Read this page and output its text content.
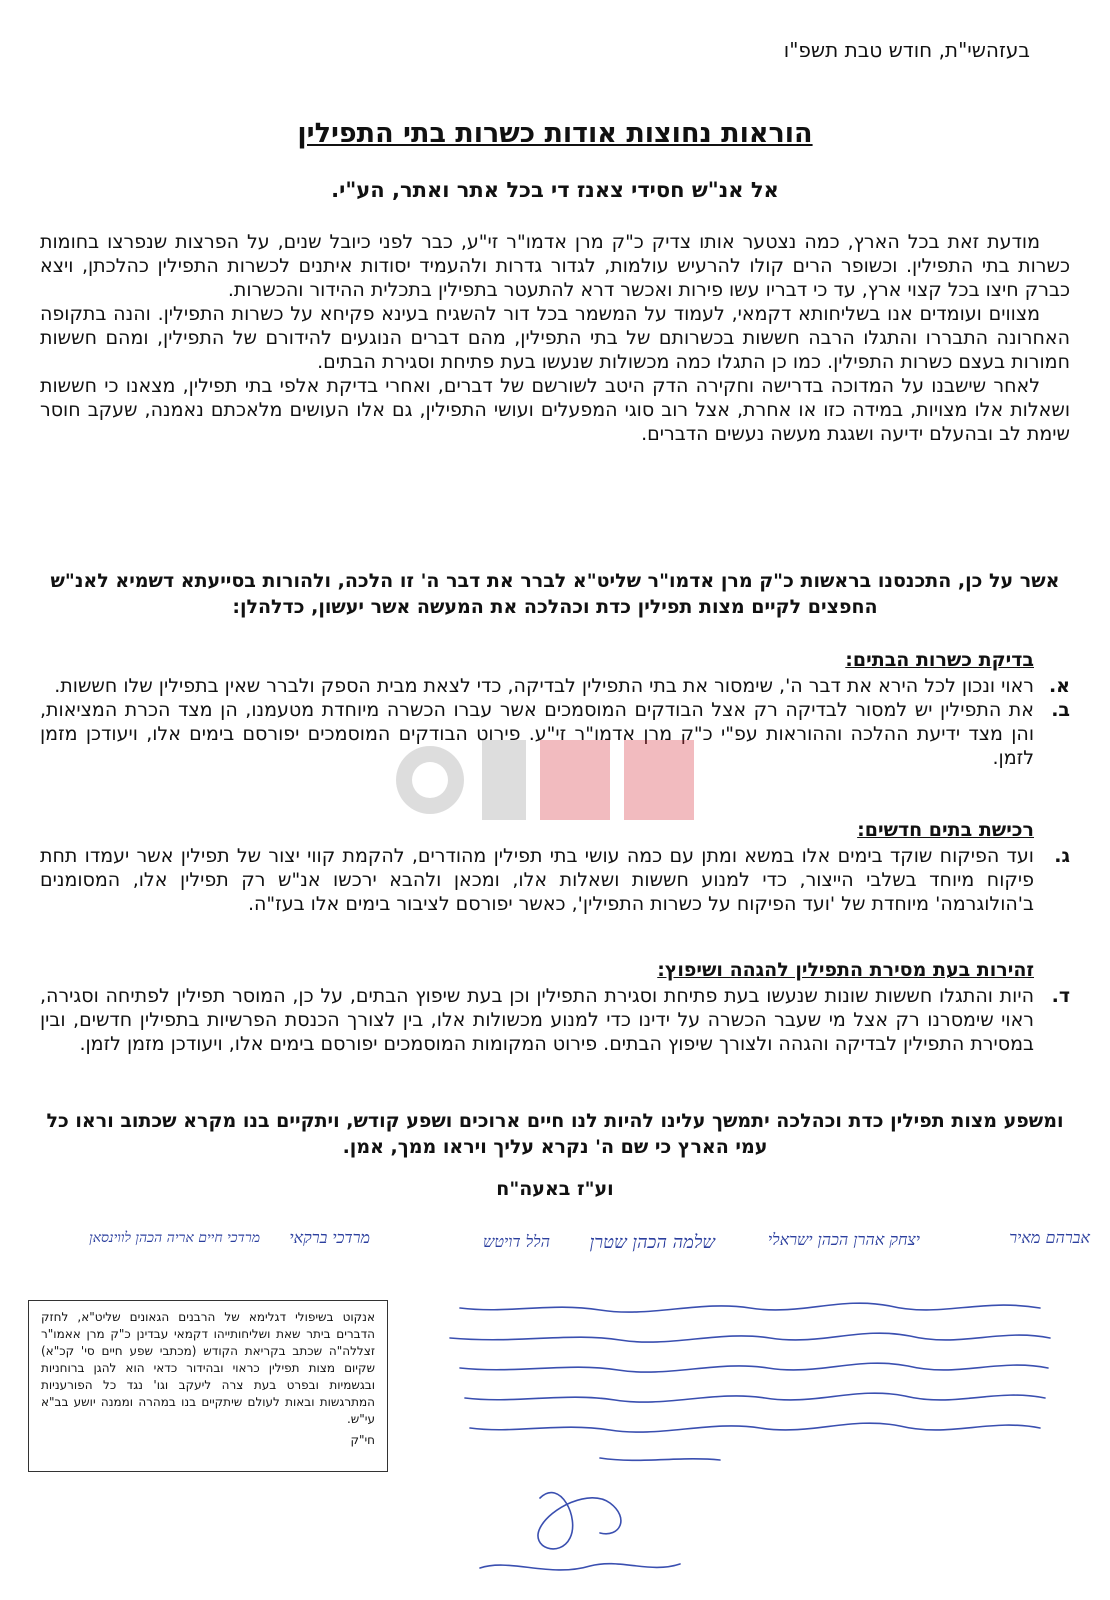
בעזהשי"ת, חודש טבת תשפ"ו
הוראות נחוצות אודות כשרות בתי התפילין
אל אנ"ש חסידי צאנז די בכל אתר ואתר, הע"י.

מודעת זאת בכל הארץ, כמה נצטער אותו צדיק כ"ק מרן אדמו"ר זי"ע, כבר לפני כיובל שנים, על הפרצות שנפרצו בחומות כשרות בתי התפילין. וכשופר הרים קולו להרעיש עולמות, לגדור גדרות ולהעמיד יסודות איתנים לכשרות התפילין כהלכתן, ויצא כברק חיצו בכל קצוי ארץ, עד כי דבריו עשו פירות ואכשר דרא להתעטר בתפילין בתכלית ההידור והכשרות.

מצווים ועומדים אנו בשליחותא דקמאי, לעמוד על המשמר בכל דור להשגיח בעינא פקיחא על כשרות התפילין. והנה בתקופה האחרונה התבררו והתגלו הרבה חששות בכשרותם של בתי התפילין, מהם דברים הנוגעים להידורם של התפילין, ומהם חששות חמורות בעצם כשרות התפילין. כמו כן התגלו כמה מכשולות שנעשו בעת פתיחת וסגירת הבתים.

לאחר שישבנו על המדוכה בדרישה וחקירה הדק היטב לשורשם של דברים, ואחרי בדיקת אלפי בתי תפילין, מצאנו כי חששות ושאלות אלו מצויות, במידה כזו או אחרת, אצל רוב סוגי המפעלים ועושי התפילין, גם אלו העושים מלאכתם נאמנה, שעקב חוסר שימת לב ובהעלם ידיעה ושגגת מעשה נעשים הדברים.

אשר על כן, התכנסנו בראשות כ"ק מרן אדמו"ר שליט"א לברר את דבר ה' זו הלכה, ולהורות בסייעתא דשמיא לאנ"ש החפצים לקיים מצות תפילין כדת וכהלכה את המעשה אשר יעשון, כדלהלן:
בדיקת כשרות הבתים:
א.
ראוי ונכון לכל הירא את דבר ה', שימסור את בתי התפילין לבדיקה, כדי לצאת מבית הספק ולברר שאין בתפילין שלו חששות.
ב.
את התפילין יש למסור לבדיקה רק אצל הבודקים המוסמכים אשר עברו הכשרה מיוחדת מטעמנו, הן מצד הכרת המציאות, והן מצד ידיעת ההלכה וההוראות עפ"י כ"ק מרן אדמו"ר זי"ע. פירוט הבודקים המוסמכים יפורסם בימים אלו, ויעודכן מזמן לזמן.
רכישת בתים חדשים:
ג.
ועד הפיקוח שוקד בימים אלו במשא ומתן עם כמה עושי בתי תפילין מהודרים, להקמת קווי יצור של תפילין אשר יעמדו תחת פיקוח מיוחד בשלבי הייצור, כדי למנוע חששות ושאלות אלו, ומכאן ולהבא ירכשו אנ"ש רק תפילין אלו, המסומנים ב'הולוגרמה' מיוחדת של 'ועד הפיקוח על כשרות התפילין', כאשר יפורסם לציבור בימים אלו בעז"ה.
זהירות בעת מסירת התפילין להגהה ושיפוץ:
ד.
היות והתגלו חששות שונות שנעשו בעת פתיחת וסגירת התפילין וכן בעת שיפוץ הבתים, על כן, המוסר תפילין לפתיחה וסגירה, ראוי שימסרנו רק אצל מי שעבר הכשרה על ידינו כדי למנוע מכשולות אלו, בין לצורך הכנסת הפרשיות בתפילין חדשים, ובין במסירת התפילין לבדיקה והגהה ולצורך שיפוץ הבתים. פירוט המקומות המוסמכים יפורסם בימים אלו, ויעודכן מזמן לזמן.
ומשפע מצות תפילין כדת וכהלכה יתמשך עלינו להיות לנו חיים ארוכים ושפע קודש, ויתקיים בנו מקרא שכתוב וראו כל עמי הארץ כי שם ה' נקרא עליך ויראו ממך, אמן.
וע"ז באעה"ח
אברהם מאיר
יצחק אהרן הכהן ישראלי
שלמה הכהן שטרן
הלל דויטש
מרדכי ברקאי
מרדכי חיים אריה הכהן לווינסאן

אנקוט בשיפולי דגלימא של הרבנים הגאונים שליט"א, לחזק הדברים ביתר שאת ושליחותייהו דקמאי עבדינן כ"ק מרן אאמו"ר זצללה"ה שכתב בקריאת הקודש (מכתבי שפע חיים סי' קכ"א) שקיום מצות תפילין כראוי ובהידור כדאי הוא להגן ברוחניות ובגשמיות ובפרט בעת צרה ליעקב וגו' נגד כל הפורעניות המתרגשות ובאות לעולם שיתקיים בנו במהרה וממנה יושע בב"א עי"ש.

חי"ק
